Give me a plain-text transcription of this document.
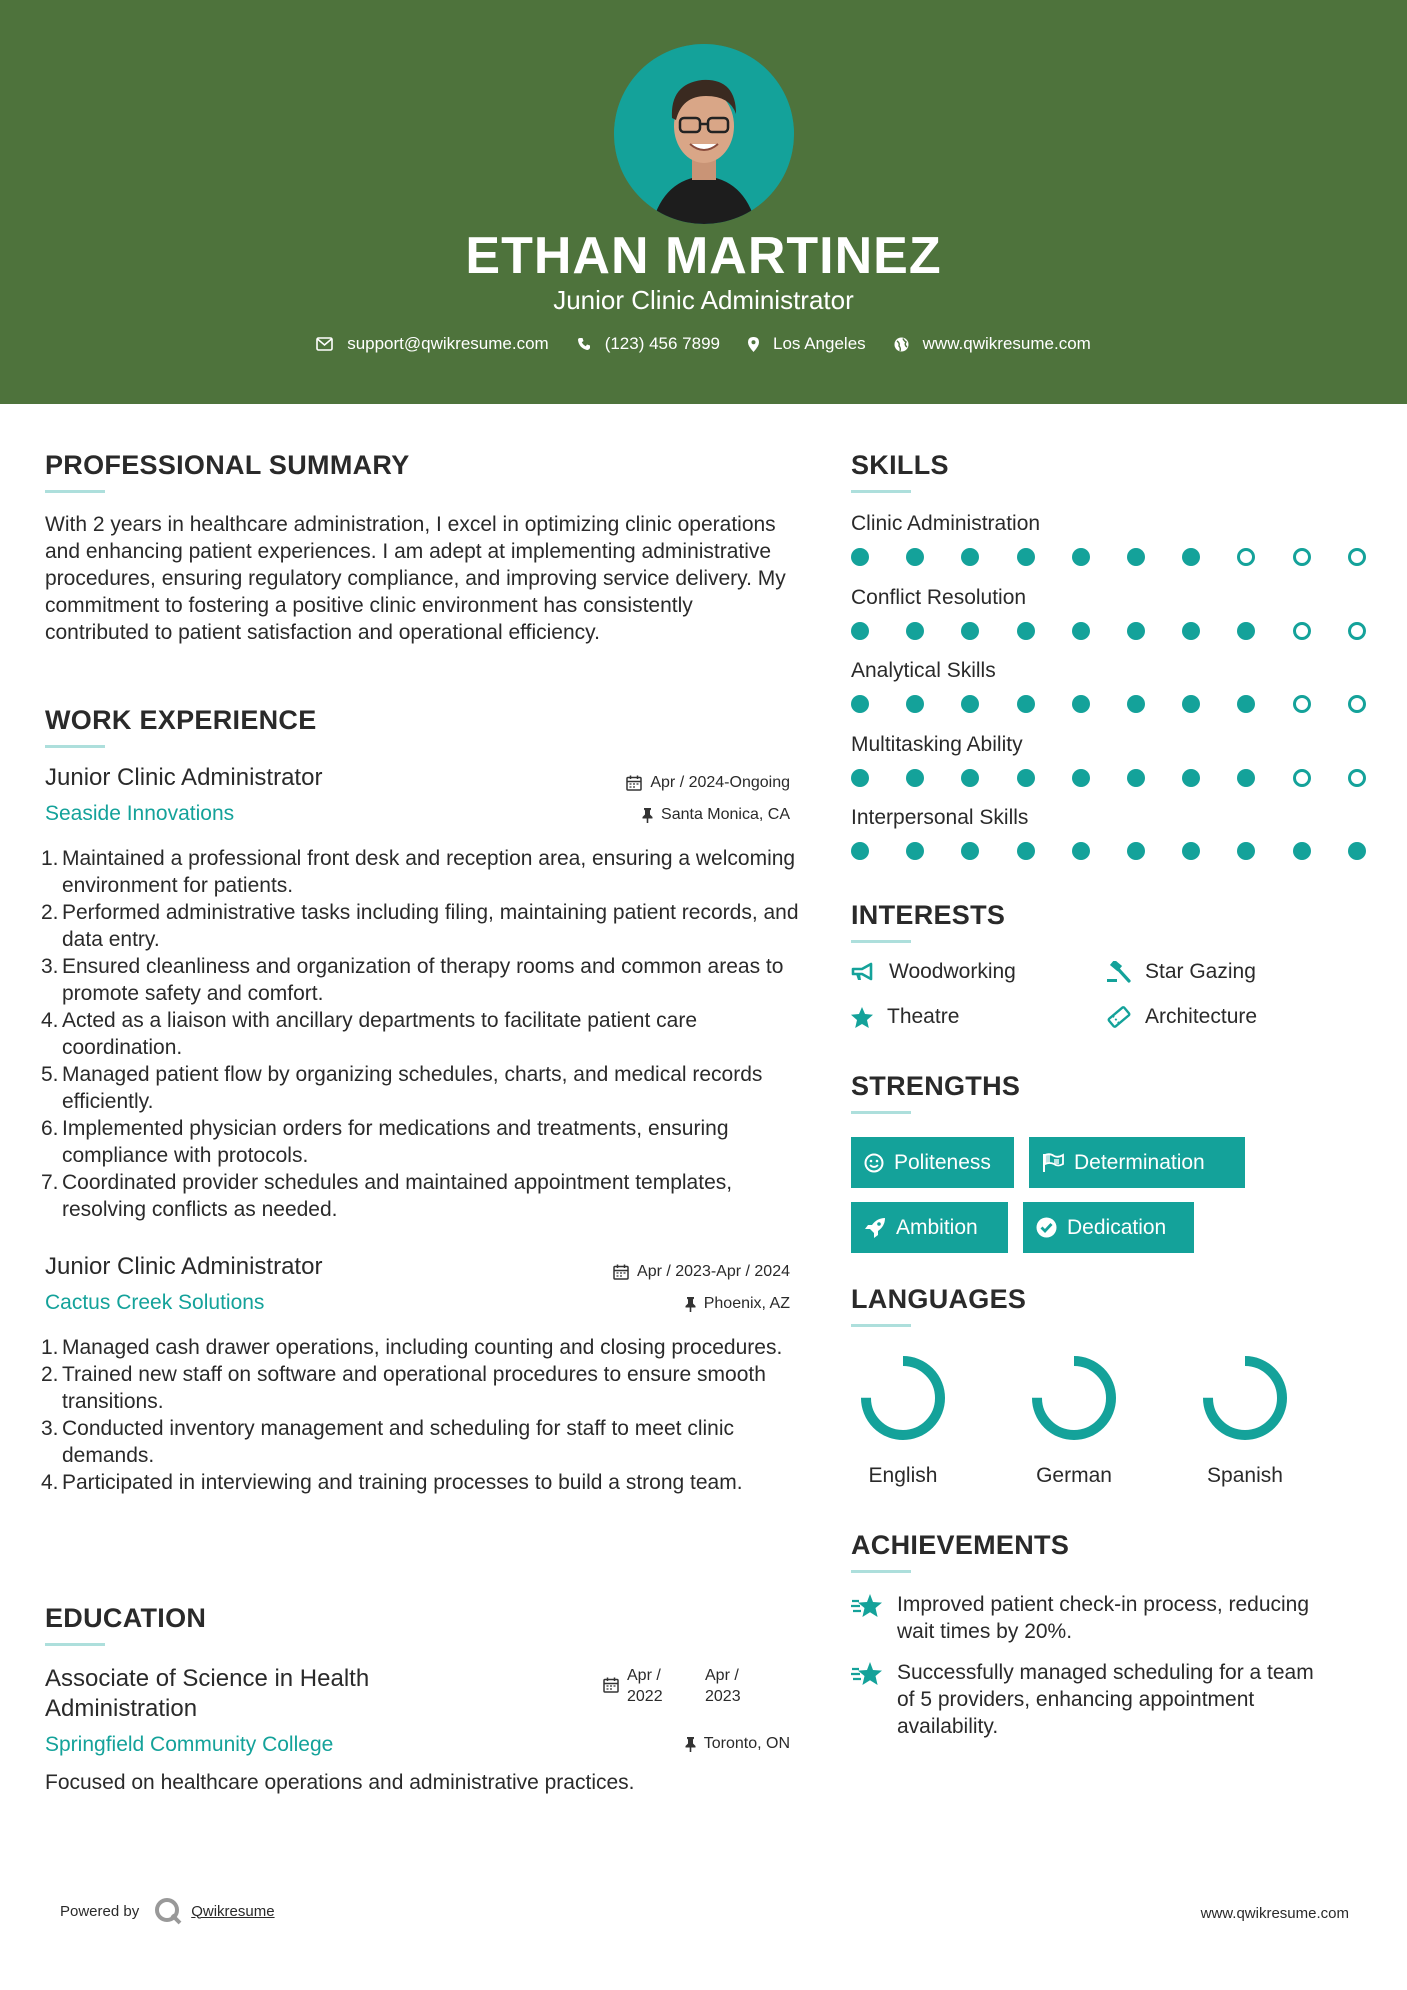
ETHAN MARTINEZ
Junior Clinic Administrator
support@qwikresume.com	(123) 456 7899	Los Angeles	www.qwikresume.com
PROFESSIONAL SUMMARY
With 2 years in healthcare administration, I excel in optimizing clinic operations and enhancing patient experiences. I am adept at implementing administrative procedures, ensuring regulatory compliance, and improving service delivery. My commitment to fostering a positive clinic environment has consistently contributed to patient satisfaction and operational efficiency.
WORK EXPERIENCE
Junior Clinic Administrator	Apr / 2024-Ongoing
Seaside Innovations	Santa Monica, CA
1. Maintained a professional front desk and reception area, ensuring a welcoming environment for patients.
2. Performed administrative tasks including filing, maintaining patient records, and data entry.
3. Ensured cleanliness and organization of therapy rooms and common areas to promote safety and comfort.
4. Acted as a liaison with ancillary departments to facilitate patient care coordination.
5. Managed patient flow by organizing schedules, charts, and medical records efficiently.
6. Implemented physician orders for medications and treatments, ensuring compliance with protocols.
7. Coordinated provider schedules and maintained appointment templates, resolving conflicts as needed.
Junior Clinic Administrator	Apr / 2023-Apr / 2024
Cactus Creek Solutions	Phoenix, AZ
1. Managed cash drawer operations, including counting and closing procedures.
2. Trained new staff on software and operational procedures to ensure smooth transitions.
3. Conducted inventory management and scheduling for staff to meet clinic demands.
4. Participated in interviewing and training processes to build a strong team.
EDUCATION
Associate of Science in Health Administration
Apr / 2022
Apr / 2023
Springfield Community College	Toronto, ON
Focused on healthcare operations and administrative practices.
SKILLS
Clinic Administration
Conflict Resolution
Analytical Skills
Multitasking Ability
Interpersonal Skills
INTERESTS
Woodworking	Star Gazing
Theatre	Architecture
STRENGTHS
Politeness	Determination
Ambition	Dedication
LANGUAGES
English	German	Spanish
ACHIEVEMENTS
Improved patient check-in process, reducing wait times by 20%.
Successfully managed scheduling for a team of 5 providers, enhancing appointment availability.
Powered by	Qwikresume	www.qwikresume.com
